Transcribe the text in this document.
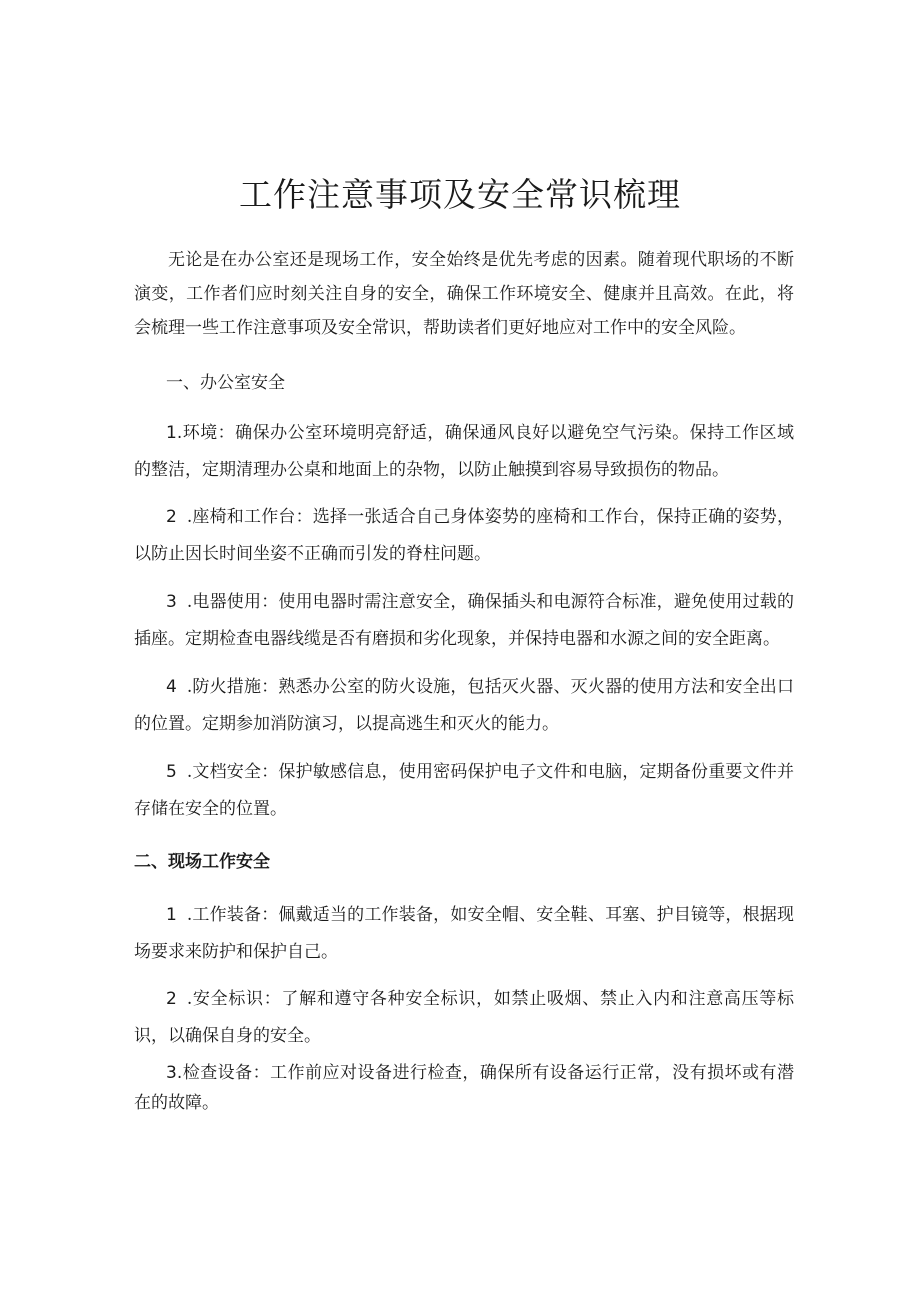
工作注意事项及安全常识梳理

无论是在办公室还是现场工作，安全始终是优先考虑的因素。随着现代职场的不断演变，工作者们应时刻关注自身的安全，确保工作环境安全、健康并且高效。在此，将会梳理一些工作注意事项及安全常识，帮助读者们更好地应对工作中的安全风险。

一、办公室安全

1.环境：确保办公室环境明亮舒适，确保通风良好以避免空气污染。保持工作区域的整洁，定期清理办公桌和地面上的杂物，以防止触摸到容易导致损伤的物品。

2 .座椅和工作台：选择一张适合自己身体姿势的座椅和工作台，保持正确的姿势，以防止因长时间坐姿不正确而引发的脊柱问题。

3 .电器使用：使用电器时需注意安全，确保插头和电源符合标准，避免使用过载的插座。定期检查电器线缆是否有磨损和劣化现象，并保持电器和水源之间的安全距离。

4 .防火措施：熟悉办公室的防火设施，包括灭火器、灭火器的使用方法和安全出口的位置。定期参加消防演习，以提高逃生和灭火的能力。

5 .文档安全：保护敏感信息，使用密码保护电子文件和电脑，定期备份重要文件并存储在安全的位置。

二、现场工作安全

1 .工作装备：佩戴适当的工作装备，如安全帽、安全鞋、耳塞、护目镜等，根据现场要求来防护和保护自己。

2 .安全标识：了解和遵守各种安全标识，如禁止吸烟、禁止入内和注意高压等标识，以确保自身的安全。

3.检查设备：工作前应对设备进行检查，确保所有设备运行正常，没有损坏或有潜在的故障。
